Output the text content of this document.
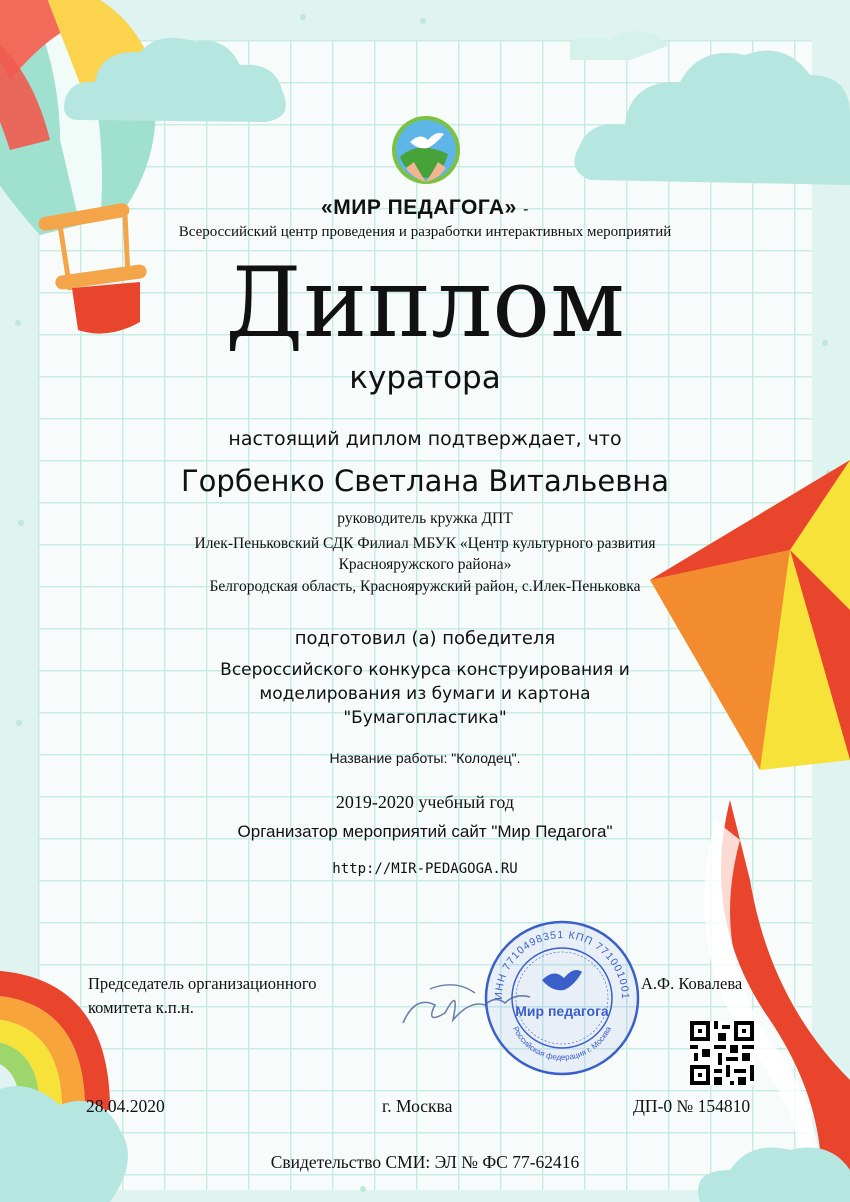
«МИР ПЕДАГОГА» -
Всероссийский центр проведения и разработки интерактивных мероприятий
Диплом
куратора
настоящий диплом подтверждает, что
Горбенко Светлана Витальевна
руководитель кружка ДПТ
Илек-Пеньковский СДК Филиал МБУК «Центр культурного развития
Краснояружского района»
Белгородская область, Краснояружский район, с.Илек-Пеньковка
подготовил (а) победителя
Всероссийского конкурса конструирования и
моделирования из бумаги и картона
"Бумагопластика"
Название работы: "Колодец".
2019-2020 учебный год
Организатор мероприятий сайт "Мир Педагога"
http://MIR-PEDAGOGA.RU
Председатель организационного
комитета к.п.н.
А.Ф. Ковалева
ИНН 7710498351 КПП 771001001
Российская федерация г. Москва
Мир педагога
28.04.2020	г. Москва	ДП-0 № 154810
Свидетельство СМИ: ЭЛ № ФС 77-62416
